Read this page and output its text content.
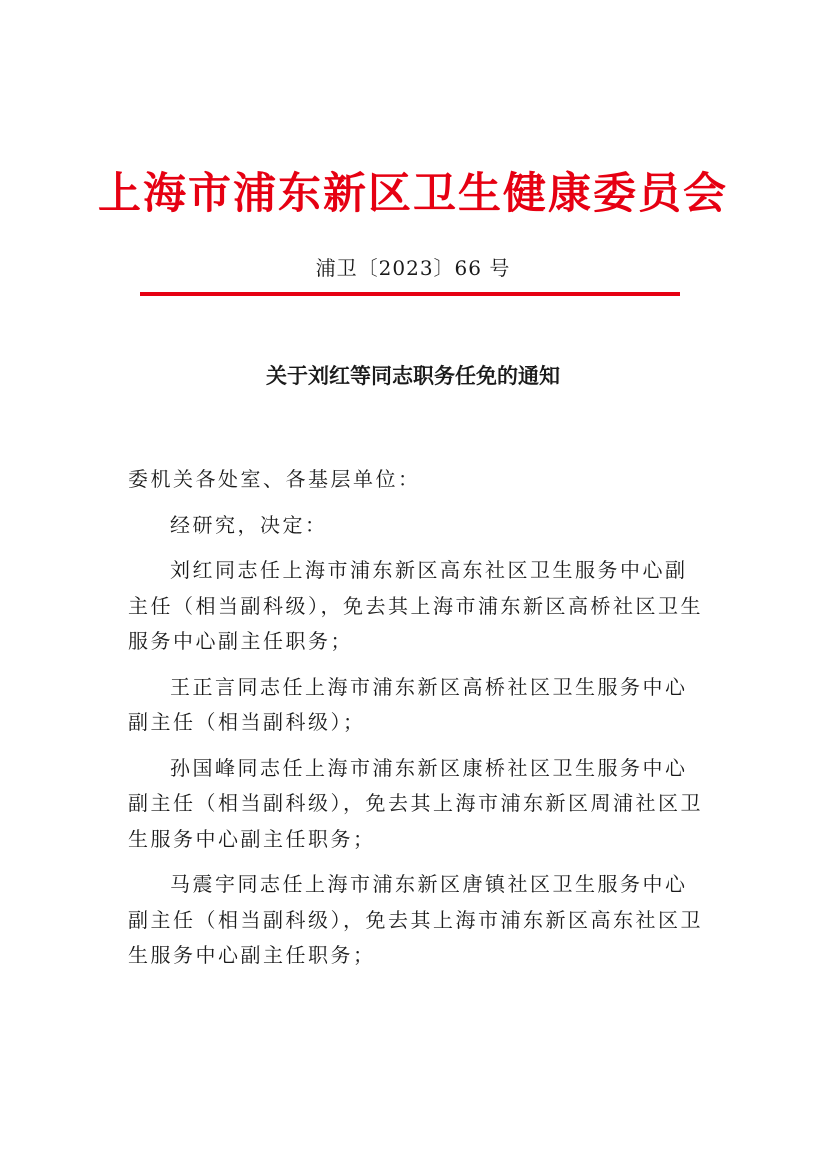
上海市浦东新区卫生健康委员会
浦卫〔2023〕66 号
关于刘红等同志职务任免的通知

委机关各处室、各基层单位：

经研究，决定：

刘红同志任上海市浦东新区高东社区卫生服务中心副主任（相当副科级），免去其上海市浦东新区高桥社区卫生服务中心副主任职务；

王正言同志任上海市浦东新区高桥社区卫生服务中心副主任（相当副科级）；

孙国峰同志任上海市浦东新区康桥社区卫生服务中心副主任（相当副科级），免去其上海市浦东新区周浦社区卫生服务中心副主任职务；

马震宇同志任上海市浦东新区唐镇社区卫生服务中心副主任（相当副科级），免去其上海市浦东新区高东社区卫生服务中心副主任职务；
